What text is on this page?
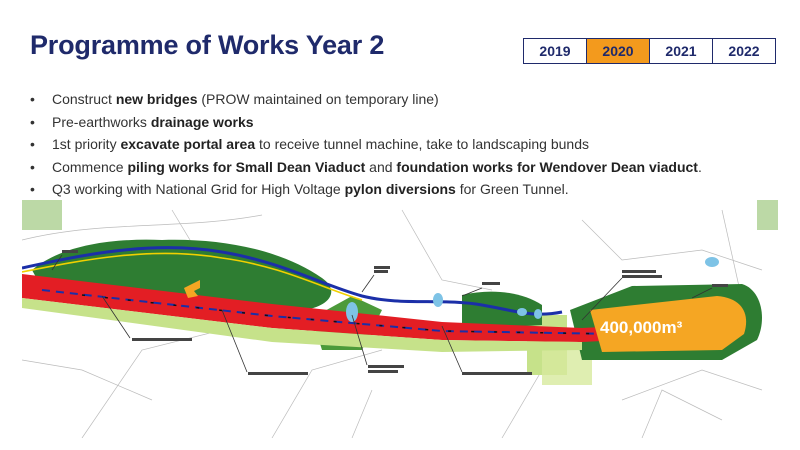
Programme of Works Year 2	2019	2020	2021	2022
• Construct new bridges (PROW maintained on temporary line)
• Pre-earthworks drainage works
• 1st priority excavate portal area to receive tunnel machine, take to landscaping bunds
• Commence piling works for Small Dean Viaduct and foundation works for Wendover Dean viaduct.
• Q3 working with National Grid for High Voltage pylon diversions for Green Tunnel.
400,000m³
